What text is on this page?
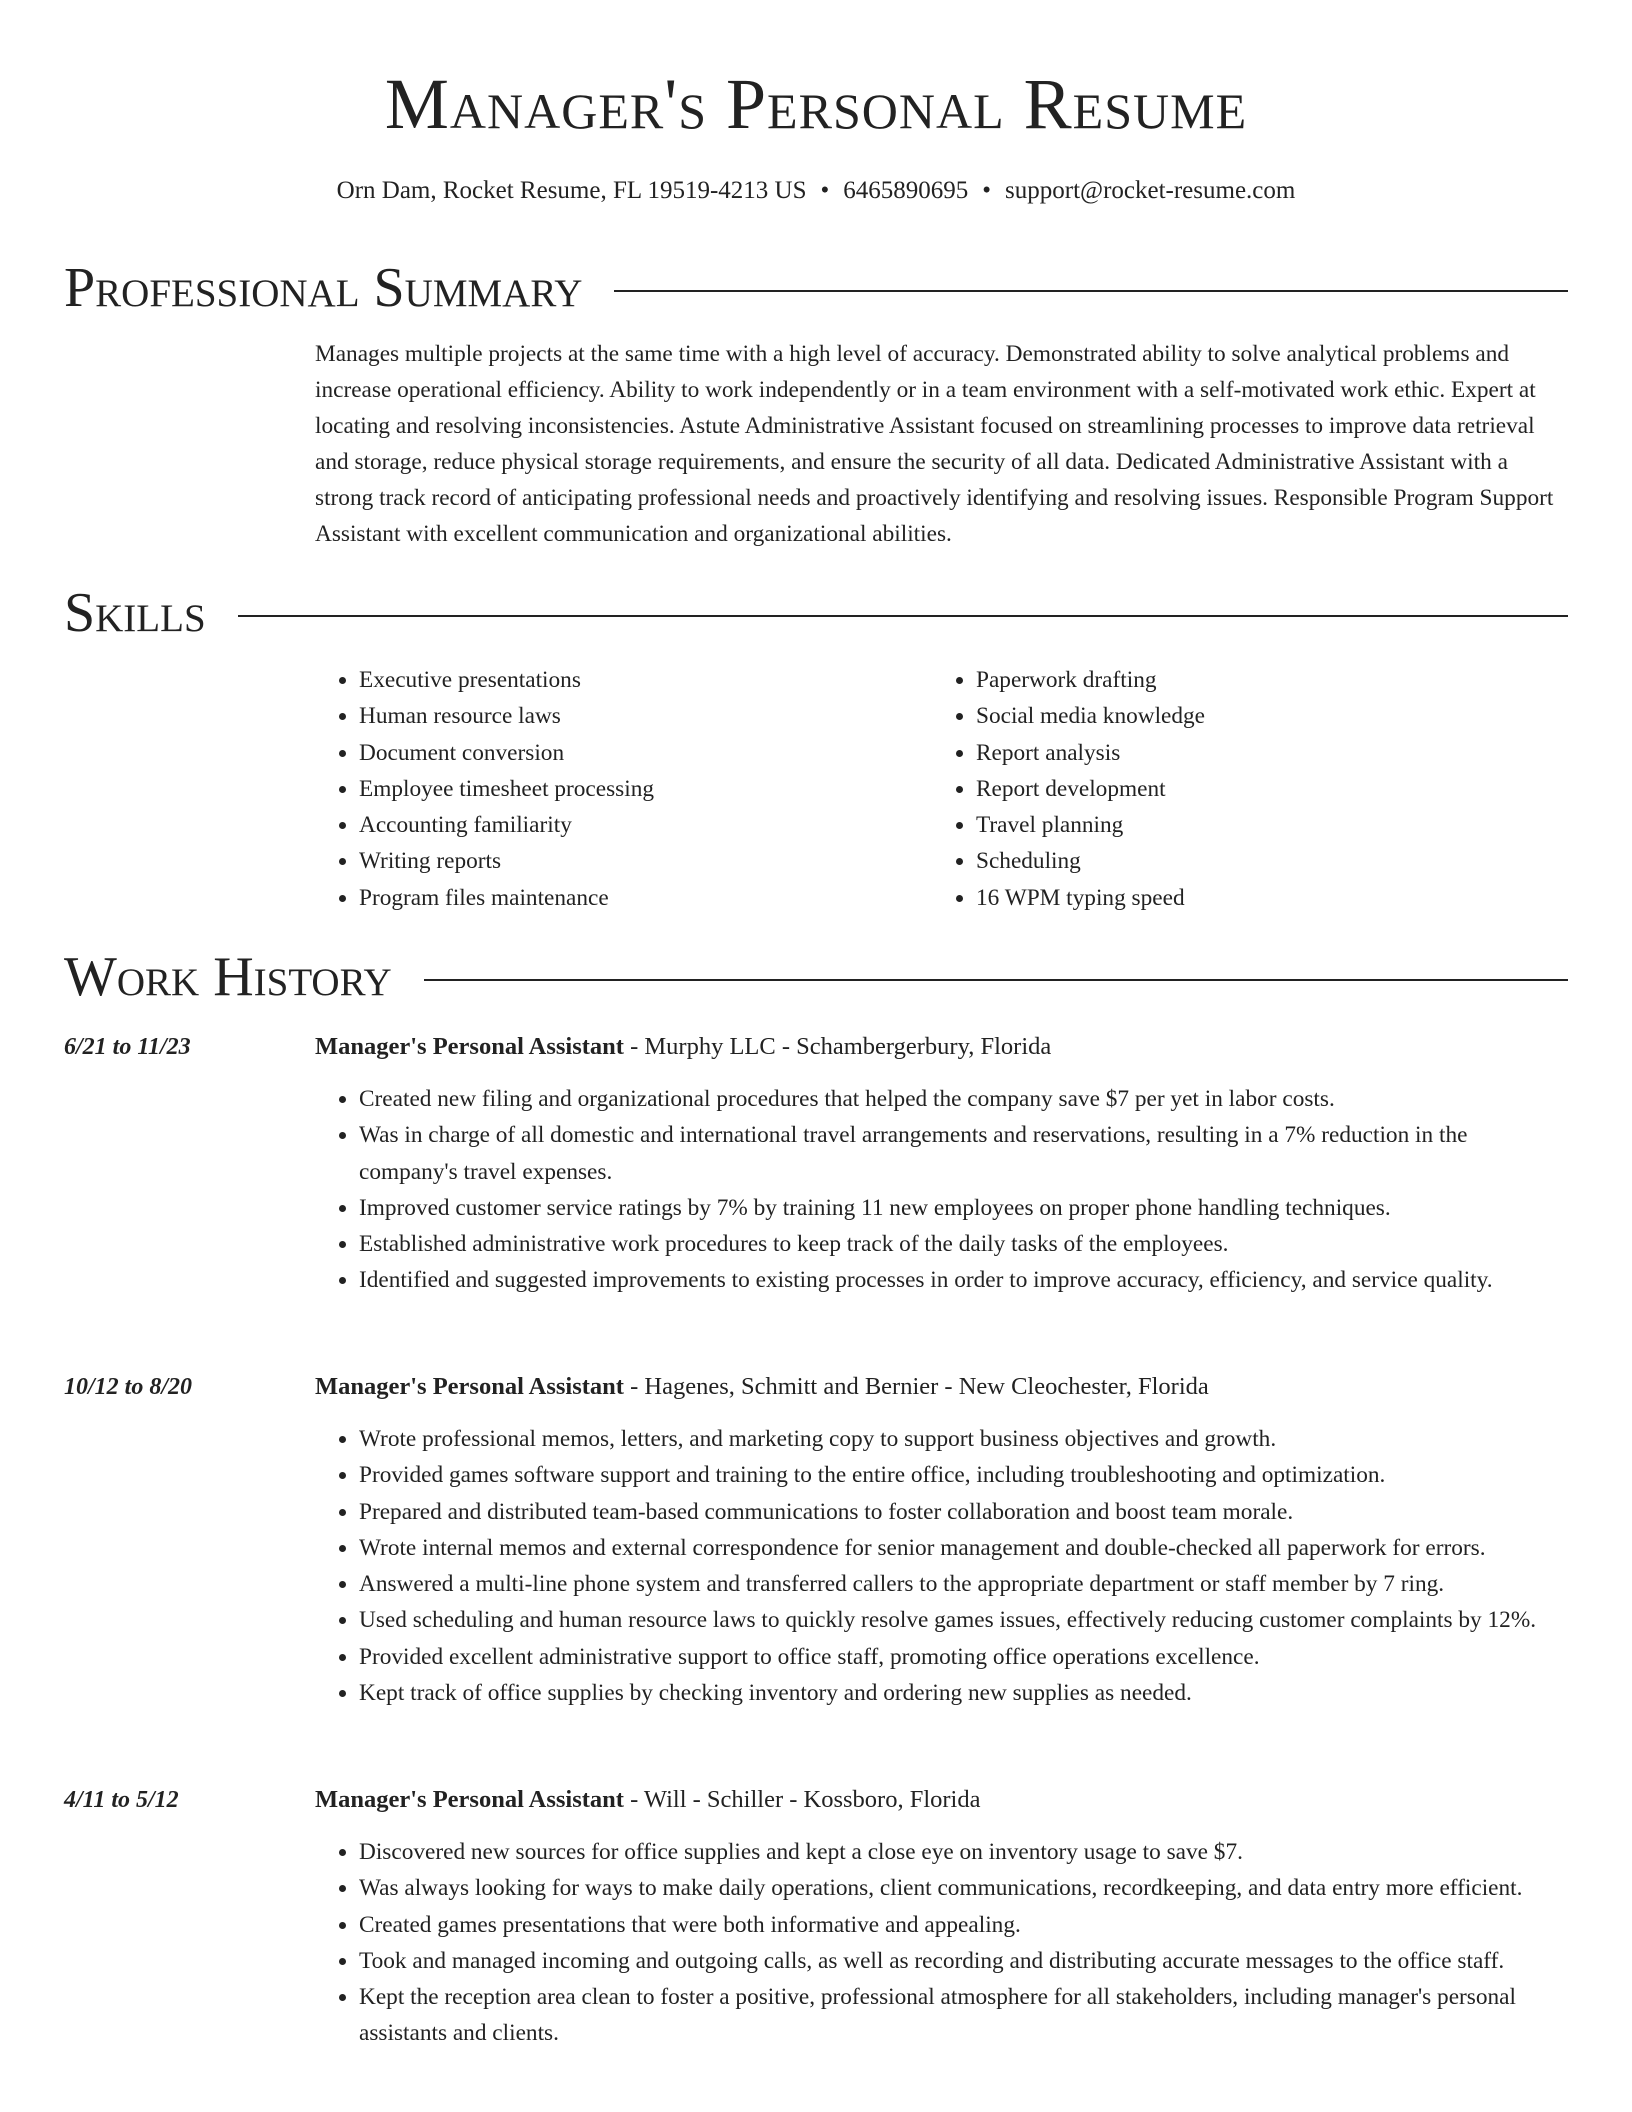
Manager's Personal Resume
Orn Dam, Rocket Resume, FL 19519-4213 US • 6465890695 • support@rocket-resume.com
Professional Summary

Manages multiple projects at the same time with a high level of accuracy. Demonstrated ability to solve analytical problems and increase operational efficiency. Ability to work independently or in a team environment with a self-motivated work ethic. Expert at locating and resolving inconsistencies. Astute Administrative Assistant focused on streamlining processes to improve data retrieval and storage, reduce physical storage requirements, and ensure the security of all data. Dedicated Administrative Assistant with a strong track record of anticipating professional needs and proactively identifying and resolving issues. Responsible Program Support Assistant with excellent communication and organizational abilities.

Skills
• Executive presentations
• Human resource laws
• Document conversion
• Employee timesheet processing
• Accounting familiarity
• Writing reports
• Program files maintenance
• Paperwork drafting
• Social media knowledge
• Report analysis
• Report development
• Travel planning
• Scheduling
• 16 WPM typing speed
Work History
6/21 to 11/23	Manager's Personal Assistant - Murphy LLC - Schambergerbury, Florida
• Created new filing and organizational procedures that helped the company save $7 per yet in labor costs.
• Was in charge of all domestic and international travel arrangements and reservations, resulting in a 7% reduction in the company's travel expenses.
• Improved customer service ratings by 7% by training 11 new employees on proper phone handling techniques.
• Established administrative work procedures to keep track of the daily tasks of the employees.
• Identified and suggested improvements to existing processes in order to improve accuracy, efficiency, and service quality.
10/12 to 8/20	Manager's Personal Assistant - Hagenes, Schmitt and Bernier - New Cleochester, Florida
• Wrote professional memos, letters, and marketing copy to support business objectives and growth.
• Provided games software support and training to the entire office, including troubleshooting and optimization.
• Prepared and distributed team-based communications to foster collaboration and boost team morale.
• Wrote internal memos and external correspondence for senior management and double-checked all paperwork for errors.
• Answered a multi-line phone system and transferred callers to the appropriate department or staff member by 7 ring.
• Used scheduling and human resource laws to quickly resolve games issues, effectively reducing customer complaints by 12%.
• Provided excellent administrative support to office staff, promoting office operations excellence.
• Kept track of office supplies by checking inventory and ordering new supplies as needed.
4/11 to 5/12	Manager's Personal Assistant - Will - Schiller - Kossboro, Florida
• Discovered new sources for office supplies and kept a close eye on inventory usage to save $7.
• Was always looking for ways to make daily operations, client communications, recordkeeping, and data entry more efficient.
• Created games presentations that were both informative and appealing.
• Took and managed incoming and outgoing calls, as well as recording and distributing accurate messages to the office staff.
• Kept the reception area clean to foster a positive, professional atmosphere for all stakeholders, including manager's personal assistants and clients.
